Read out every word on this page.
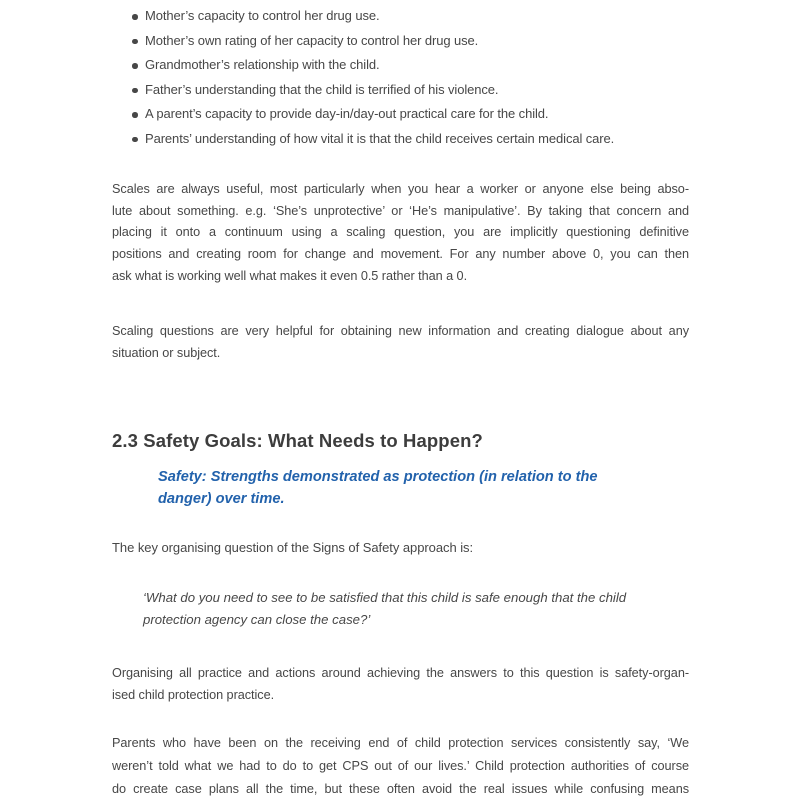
Mother’s capacity to control her drug use.
Mother’s own rating of her capacity to control her drug use.
Grandmother’s relationship with the child.
Father’s understanding that the child is terrified of his violence.
A parent’s capacity to provide day-in/day-out practical care for the child.
Parents’ understanding of how vital it is that the child receives certain medical care.
Scales are always useful, most particularly when you hear a worker or anyone else being abso-
lute about something. e.g. ‘She’s unprotective’ or ‘He’s manipulative’. By taking that concern and
placing it onto a continuum using a scaling question, you are implicitly questioning definitive
positions and creating room for change and movement. For any number above 0, you can then
ask what is working well what makes it even 0.5 rather than a 0.
Scaling questions are very helpful for obtaining new information and creating dialogue about any
situation or subject.
2.3 Safety Goals: What Needs to Happen?
Safety: Strengths demonstrated as protection (in relation to the
danger) over time.
The key organising question of the Signs of Safety approach is:
‘What do you need to see to be satisfied that this child is safe enough that the child
protection agency can close the case?’
Organising all practice and actions around achieving the answers to this question is safety-organ-
ised child protection practice.
Parents who have been on the receiving end of child protection services consistently say, ‘We
weren’t told what we had to do to get CPS out of our lives.’ Child protection authorities of course
do create case plans all the time, but these often avoid the real issues while confusing means
